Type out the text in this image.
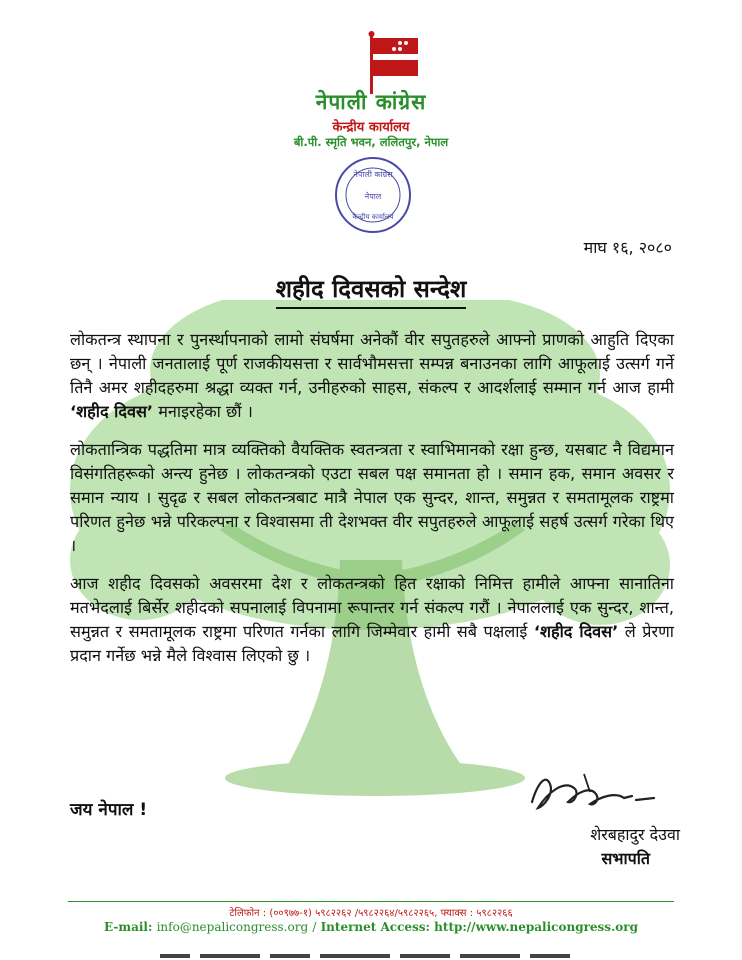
नेपाली कांग्रेस
केन्द्रीय कार्यालय
बी.पी. स्मृति भवन, ललितपुर, नेपाल
नेपाली कांग्रेस
नेपाल
केन्द्रीय कार्यालय
माघ १६, २०८०
शहीद दिवसको सन्देश

लोकतन्त्र स्थापना र पुनर्स्थापनाको लामो संघर्षमा अनेकौं वीर सपुतहरुले आफ्नो प्राणको आहुति दिएका छन् । नेपाली जनतालाई पूर्ण राजकीयसत्ता र सार्वभौमसत्ता सम्पन्न बनाउनका लागि आफूलाई उत्सर्ग गर्ने तिनै अमर शहीदहरुमा श्रद्धा व्यक्त गर्न, उनीहरुको साहस, संकल्प र आदर्शलाई सम्मान गर्न आज हामी ‘शहीद दिवस’ मनाइरहेका छौं ।

लोकतान्त्रिक पद्धतिमा मात्र व्यक्तिको वैयक्तिक स्वतन्त्रता र स्वाभिमानको रक्षा हुन्छ, यसबाट नै विद्यमान विसंगतिहरूको अन्त्य हुनेछ । लोकतन्त्रको एउटा सबल पक्ष समानता हो । समान हक, समान अवसर र समान न्याय । सुदृढ र सबल लोकतन्त्रबाट मात्रै नेपाल एक सुन्दर, शान्त, समुन्नत र समतामूलक राष्ट्रमा परिणत हुनेछ भन्ने परिकल्पना र विश्वासमा ती देशभक्त वीर सपुतहरुले आफूलाई सहर्ष उत्सर्ग गरेका थिए ।

आज शहीद दिवसको अवसरमा देश र लोकतन्त्रको हित रक्षाको निमित्त हामीले आफ्ना सानातिना मतभेदलाई बिर्सेर शहीदको सपनालाई विपनामा रूपान्तर गर्न संकल्प गरौं । नेपाललाई एक सुन्दर, शान्त, समुन्नत र समतामूलक राष्ट्रमा परिणत गर्नका लागि जिम्मेवार हामी सबै पक्षलाई ‘शहीद दिवस’ ले प्रेरणा प्रदान गर्नेछ भन्ने मैले विश्वास लिएको छु ।

जय नेपाल !
शेरबहादुर देउवा
सभापति
टेलिफोन : (००९७७-१) ५९८२२६२ /५९८२२६४/५९८२२६५, फ्याक्स : ५९८२२६६
E-mail: info@nepalicongress.org / Internet Access: http://www.nepalicongress.org
